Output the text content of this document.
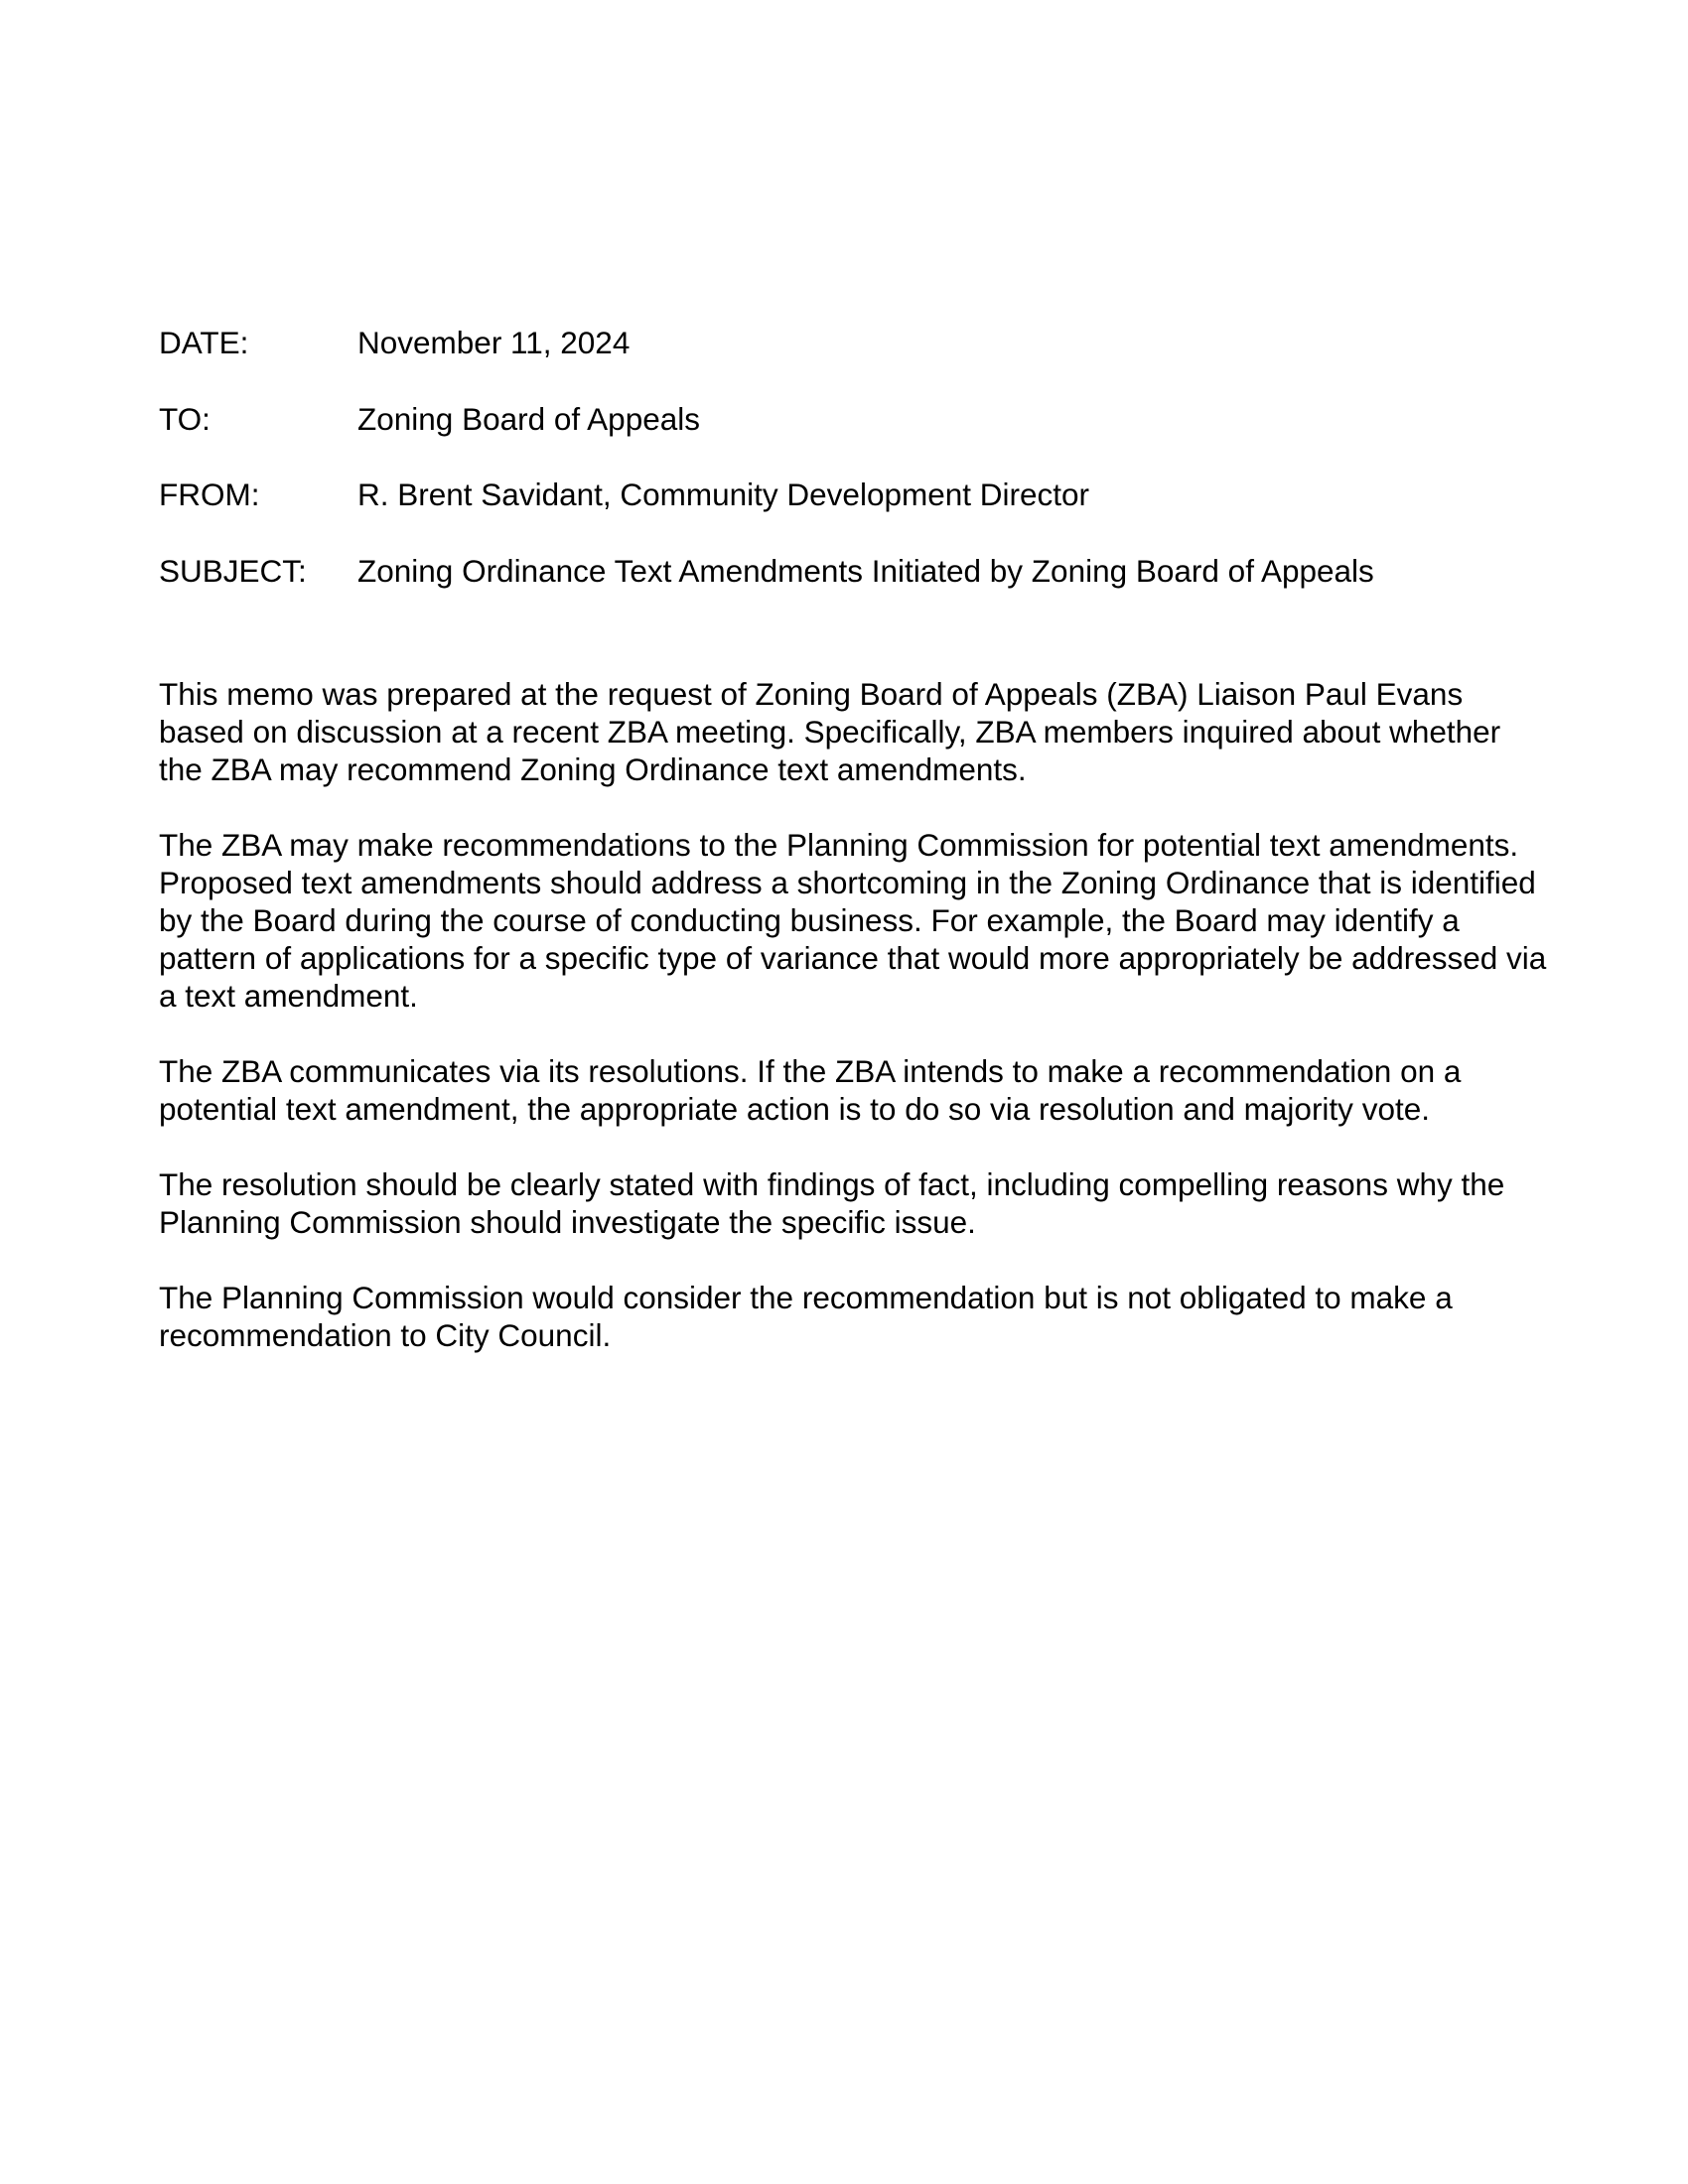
DATE:	November 11, 2024
TO:	Zoning Board of Appeals
FROM:	R. Brent Savidant, Community Development Director
SUBJECT:	Zoning Ordinance Text Amendments Initiated by Zoning Board of Appeals

This memo was prepared at the request of Zoning Board of Appeals (ZBA) Liaison Paul Evans based on discussion at a recent ZBA meeting. Specifically, ZBA members inquired about whether the ZBA may recommend Zoning Ordinance text amendments.

The ZBA may make recommendations to the Planning Commission for potential text amendments. Proposed text amendments should address a shortcoming in the Zoning Ordinance that is identified by the Board during the course of conducting business. For example, the Board may identify a pattern of applications for a specific type of variance that would more appropriately be addressed via a text amendment.

The ZBA communicates via its resolutions. If the ZBA intends to make a recommendation on a potential text amendment, the appropriate action is to do so via resolution and majority vote.

The resolution should be clearly stated with findings of fact, including compelling reasons why the Planning Commission should investigate the specific issue.

The Planning Commission would consider the recommendation but is not obligated to make a recommendation to City Council.
